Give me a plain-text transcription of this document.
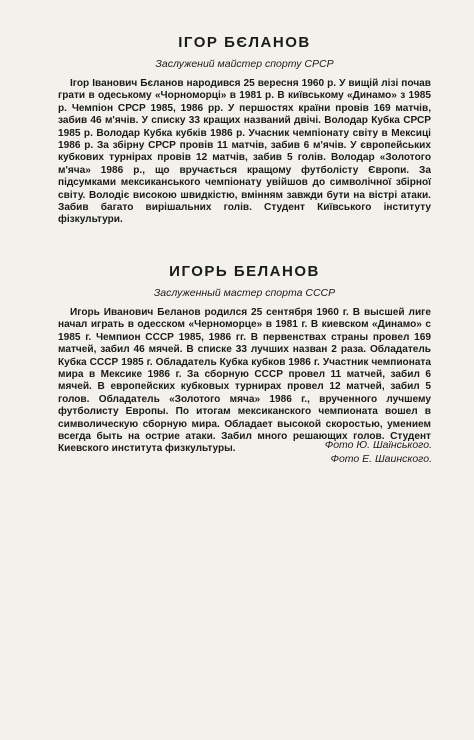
ІГОР БЄЛАНОВ
Заслужений майстер спорту СРСР

Ігор Іванович Бєланов народився 25 вересня 1960 р. У вищій лізі почав грати в одеському «Чорноморці» в 1981 р. В київському «Динамо» з 1985 р. Чемпіон СРСР 1985, 1986 рр. У першостях країни провів 169 матчів, забив 46 м'ячів. У списку 33 кращих названий двічі. Володар Кубка СРСР 1985 р. Володар Кубка кубків 1986 р. Учасник чемпіонату світу в Мексиці 1986 р. За збірну СРСР провів 11 матчів, забив 6 м'ячів. У європейських кубкових турнірах провів 12 матчів, забив 5 голів. Володар «Золотого м'яча» 1986 р., що вручається кращому футболісту Європи. За підсумками мексиканського чемпіонату увійшов до символічної збірної світу. Володіє високою швидкістю, вмінням завжди бути на вістрі атаки. Забив багато вирішальних голів. Студент Київського інституту фізкультури.

ИГОРЬ БЕЛАНОВ
Заслуженный мастер спорта СССР

Игорь Иванович Беланов родился 25 сентября 1960 г. В высшей лиге начал играть в одесском «Черноморце» в 1981 г. В киевском «Динамо» с 1985 г. Чемпион СССР 1985, 1986 гг. В первенствах страны провел 169 матчей, забил 46 мячей. В списке 33 лучших назван 2 раза. Обладатель Кубка СССР 1985 г. Обладатель Кубка кубков 1986 г. Участник чемпионата мира в Мексике 1986 г. За сборную СССР провел 11 матчей, забил 6 мячей. В европейских кубковых турнирах провел 12 матчей, забил 5 голов. Обладатель «Золотого мяча» 1986 г., врученного лучшему футболисту Европы. По итогам мексиканского чемпионата вошел в символическую сборную мира. Обладает высокой скоростью, умением всегда быть на острие атаки. Забил много решающих голов. Студент Киевского института физкультуры.	Фото Ю. Шаїнського.
Фото Е. Шаинского.
